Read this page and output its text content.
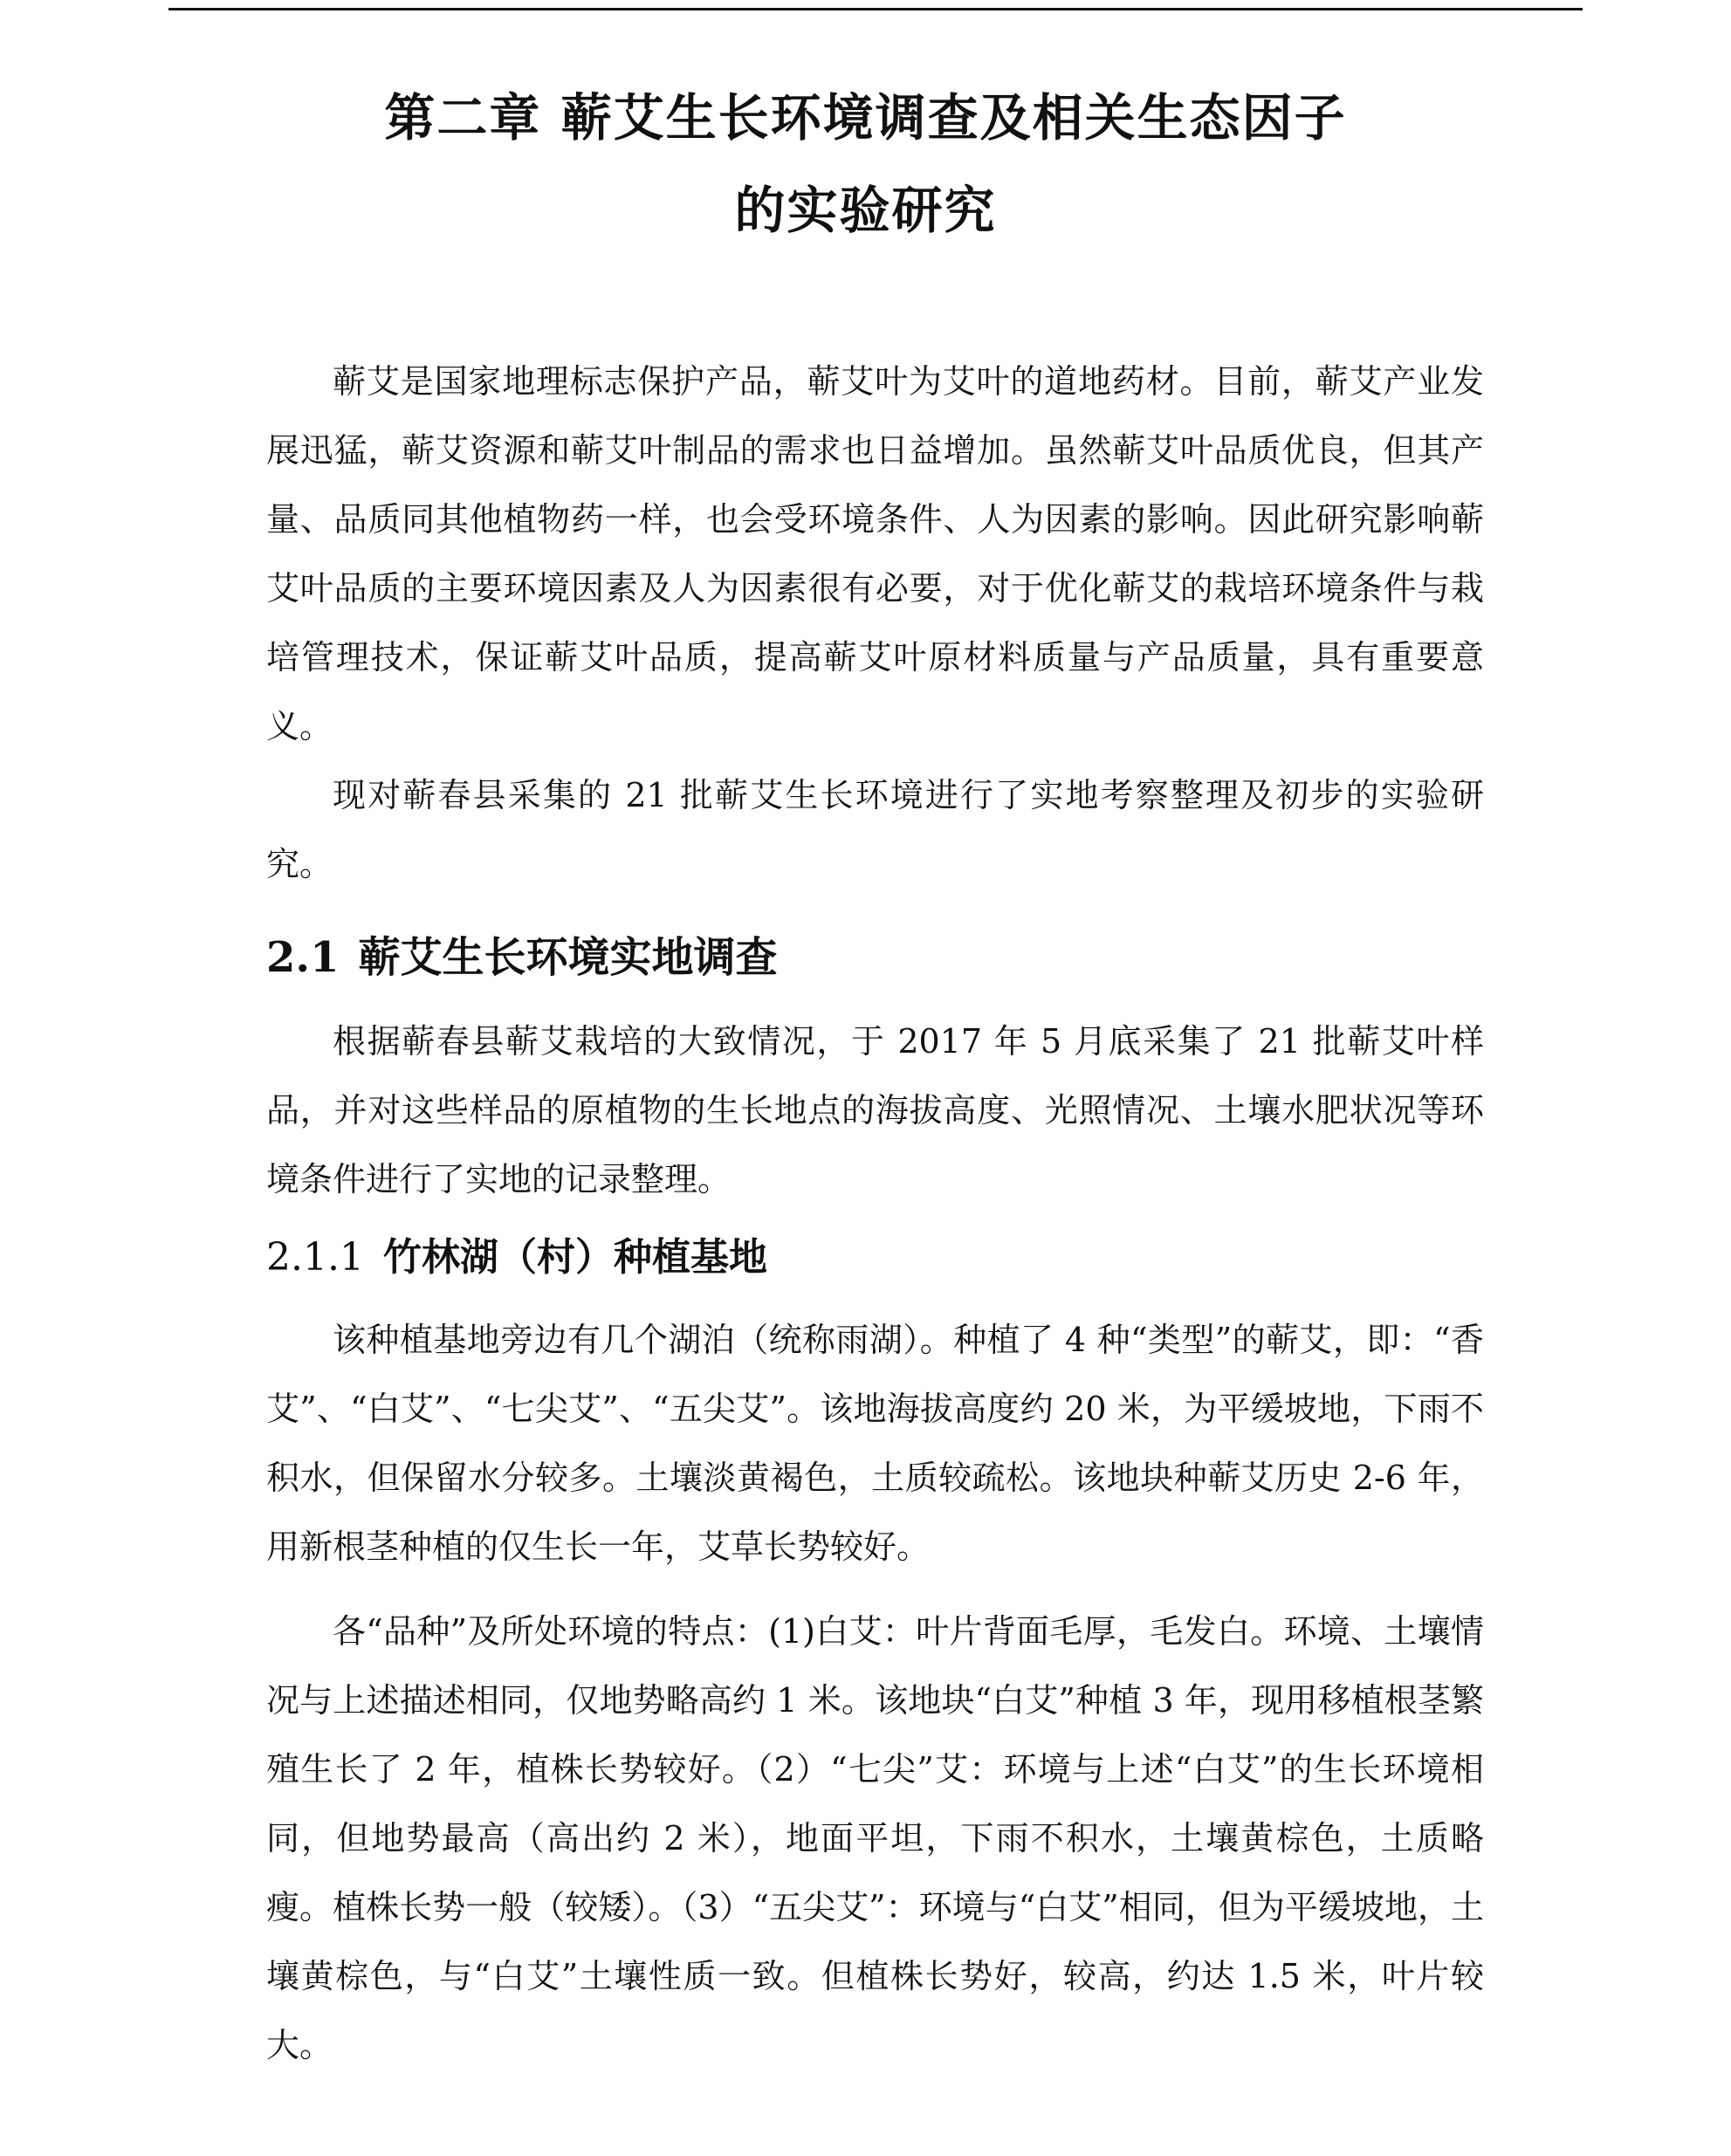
第二章 蕲艾生长环境调查及相关生态因子
的实验研究

蕲艾是国家地理标志保护产品，蕲艾叶为艾叶的道地药材。目前，蕲艾产业发展迅猛，蕲艾资源和蕲艾叶制品的需求也日益增加。虽然蕲艾叶品质优良，但其产量、品质同其他植物药一样，也会受环境条件、人为因素的影响。因此研究影响蕲艾叶品质的主要环境因素及人为因素很有必要，对于优化蕲艾的栽培环境条件与栽培管理技术，保证蕲艾叶品质，提高蕲艾叶原材料质量与产品质量，具有重要意义。

现对蕲春县采集的 21 批蕲艾生长环境进行了实地考察整理及初步的实验研究。

2.1 蕲艾生长环境实地调查

根据蕲春县蕲艾栽培的大致情况，于 2017 年 5 月底采集了 21 批蕲艾叶样品，并对这些样品的原植物的生长地点的海拔高度、光照情况、土壤水肥状况等环境条件进行了实地的记录整理。

2.1.1 竹林湖（村）种植基地

该种植基地旁边有几个湖泊（统称雨湖）。种植了 4 种“类型”的蕲艾，即：“香艾”、“白艾”、“七尖艾”、“五尖艾”。该地海拔高度约 20 米，为平缓坡地，下雨不积水，但保留水分较多。土壤淡黄褐色，土质较疏松。该地块种蕲艾历史 2-6 年，用新根茎种植的仅生长一年，艾草长势较好。

各“品种”及所处环境的特点：(1)白艾：叶片背面毛厚，毛发白。环境、土壤情况与上述描述相同，仅地势略高约 1 米。该地块“白艾”种植 3 年，现用移植根茎繁殖生长了 2 年，植株长势较好。（2）“七尖”艾：环境与上述“白艾”的生长环境相同，但地势最高（高出约 2 米），地面平坦，下雨不积水，土壤黄棕色，土质略瘦。植株长势一般（较矮）。（3）“五尖艾”：环境与“白艾”相同，但为平缓坡地，土壤黄棕色，与“白艾”土壤性质一致。但植株长势好，较高，约达 1.5 米，叶片较大。
